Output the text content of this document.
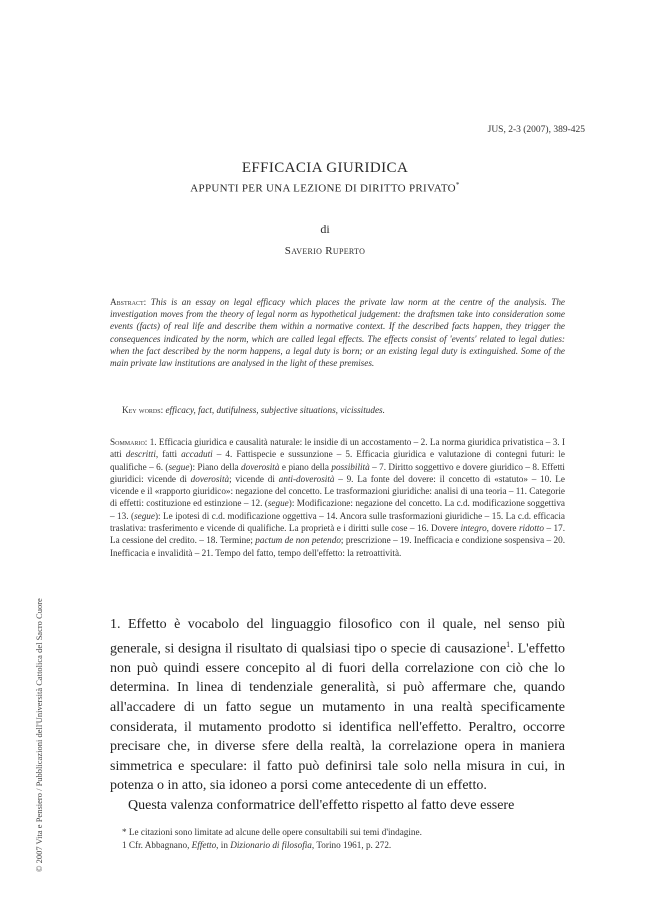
JUS, 2-3 (2007), 389-425
EFFICACIA GIURIDICA
APPUNTI PER UNA LEZIONE DI DIRITTO PRIVATO*
di
Saverio Ruperto
Abstract: This is an essay on legal efficacy which places the private law norm at the centre of the analysis. The investigation moves from the theory of legal norm as hypothetical judgement: the draftsmen take into consideration some events (facts) of real life and describe them within a normative context. If the described facts happen, they trigger the consequences indicated by the norm, which are called legal effects. The effects consist of 'events' related to legal duties: when the fact described by the norm happens, a legal duty is born; or an existing legal duty is extinguished. Some of the main private law institutions are analysed in the light of these premises.
Key words: efficacy, fact, dutifulness, subjective situations, vicissitudes.
Sommario: 1. Efficacia giuridica e causalità naturale: le insidie di un accostamento – 2. La norma giuridica privatistica – 3. I atti descritti, fatti accaduti – 4. Fattispecie e sussunzione – 5. Efficacia giuridica e valutazione di contegni futuri: le qualifiche – 6. (segue): Piano della doverosità e piano della possibilità – 7. Diritto soggettivo e dovere giuridico – 8. Effetti giuridici: vicende di doverosità; vicende di anti-doverosità – 9. La fonte del dovere: il concetto di «statuto» – 10. Le vicende e il «rapporto giuridico»: negazione del concetto. Le trasformazioni giuridiche: analisi di una teoria – 11. Categorie di effetti: costituzione ed estinzione – 12. (segue): Modificazione: negazione del concetto. La c.d. modificazione soggettiva – 13. (segue): Le ipotesi di c.d. modificazione oggettiva – 14. Ancora sulle trasformazioni giuridiche – 15. La c.d. efficacia traslativa: trasferimento e vicende di qualifiche. La proprietà e i diritti sulle cose – 16. Dovere integro, dovere ridotto – 17. La cessione del credito. – 18. Termine; pactum de non petendo; prescrizione – 19. Inefficacia e condizione sospensiva – 20. Inefficacia e invalidità – 21. Tempo del fatto, tempo dell'effetto: la retroattività.

1. Effetto è vocabolo del linguaggio filosofico con il quale, nel senso più generale, si designa il risultato di qualsiasi tipo o specie di causazione$^1$. L'effetto non può quindi essere concepito al di fuori della correlazione con ciò che lo determina. In linea di tendenziale generalità, si può affermare che, quando all'accadere di un fatto segue un mutamento in una realtà specificamente considerata, il mutamento prodotto si identifica nell'effetto. Peraltro, occorre precisare che, in diverse sfere della realtà, la correlazione opera in maniera simmetrica e speculare: il fatto può definirsi tale solo nella misura in cui, in potenza o in atto, sia idoneo a porsi come antecedente di un effetto.

Questa valenza conformatrice dell'effetto rispetto al fatto deve essere

* Le citazioni sono limitate ad alcune delle opere consultabili sui temi d'indagine.
1 Cfr. Abbagnano, Effetto, in Dizionario di filosofia, Torino 1961, p. 272.
© 2007 Vita e Pensiero / Pubblicazioni dell'Università Cattolica del Sacro Cuore
